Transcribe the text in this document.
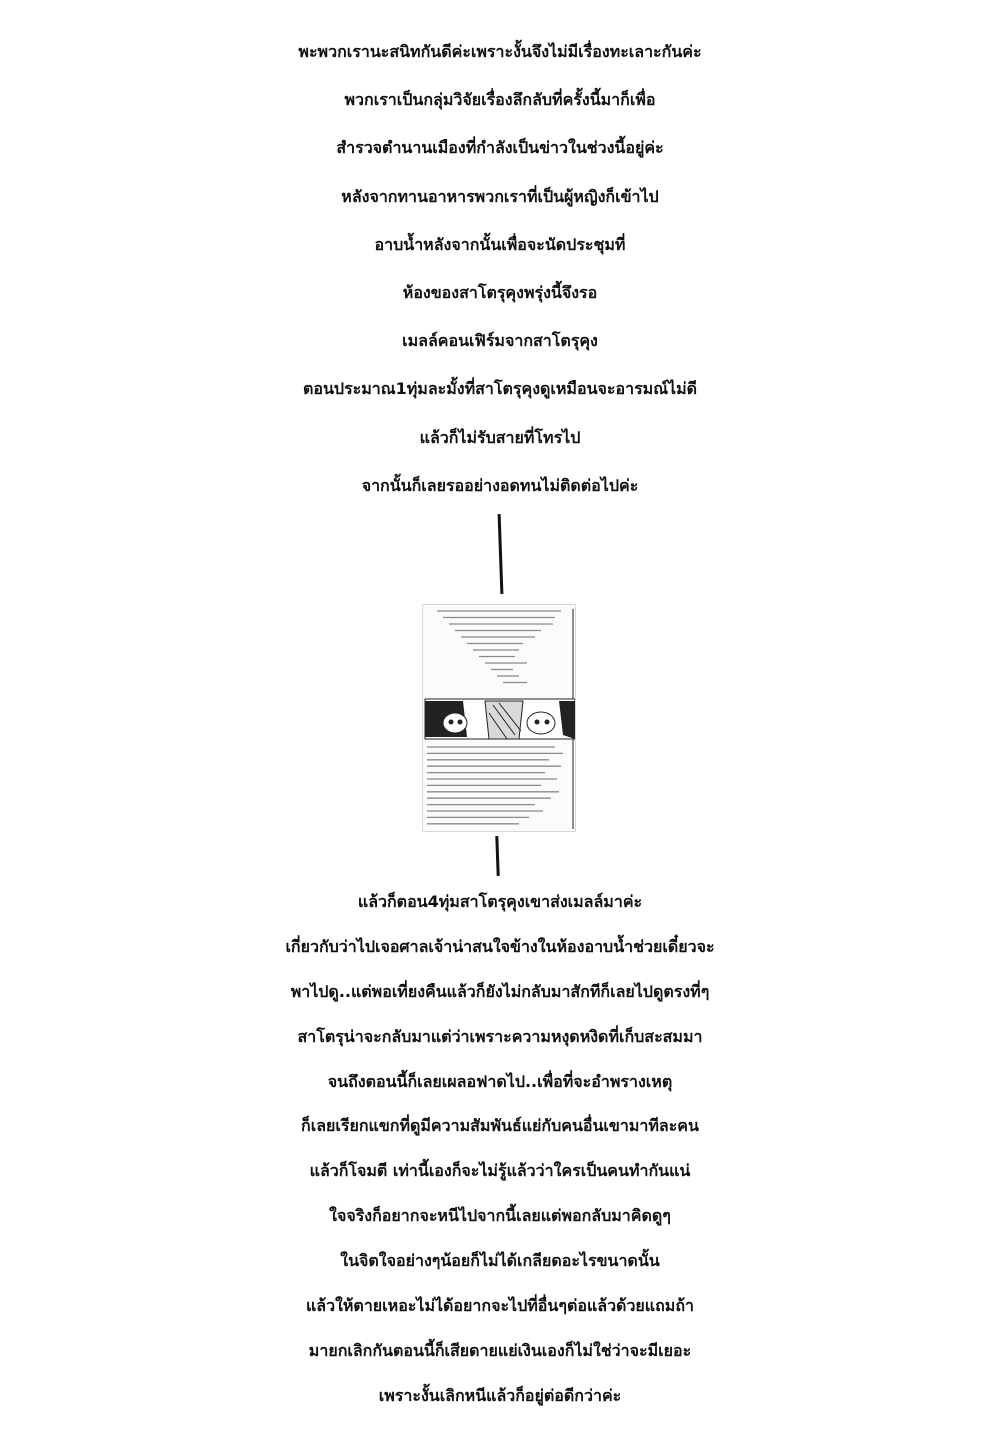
พะพวกเรานะสนิทกันดีค่ะเพราะงั้นจึงไม่มีเรื่องทะเลาะกันค่ะ
พวกเราเป็นกลุ่มวิจัยเรื่องลึกลับที่ครั้งนี้มาก็เพื่อ
สำรวจตำนานเมืองที่กำลังเป็นข่าวในช่วงนี้อยู่ค่ะ
หลังจากทานอาหารพวกเราที่เป็นผู้หญิงก็เข้าไป
อาบน้ำหลังจากนั้นเพื่อจะนัดประชุมที่
ห้องของสาโตรุคุงพรุ่งนี้จึงรอ
เมลล์คอนเฟิร์มจากสาโตรุคุง
ตอนประมาณ1ทุ่มละมั้งที่สาโตรุคุงดูเหมือนจะอารมณ์ไม่ดี
แล้วก็ไม่รับสายที่โทรไป
จากนั้นก็เลยรออย่างอดทนไม่ติดต่อไปค่ะ
แล้วก็ตอน4ทุ่มสาโตรุคุงเขาส่งเมลล์มาค่ะ
เกี่ยวกับว่าไปเจอศาลเจ้าน่าสนใจข้างในห้องอาบน้ำช่วยเดี๋ยวจะ
พาไปดู..แต่พอเที่ยงคืนแล้วก็ยังไม่กลับมาสักทีก็เลยไปดูตรงที่ๆ
สาโตรุน่าจะกลับมาแต่ว่าเพราะความหงุดหงิดที่เก็บสะสมมา
จนถึงตอนนี้ก็เลยเผลอฟาดไป..เพื่อที่จะอำพรางเหตุ
ก็เลยเรียกแขกที่ดูมีความสัมพันธ์แย่กับคนอื่นเขามาทีละคน
แล้วก็โจมตี เท่านี้เองก็จะไม่รู้แล้วว่าใครเป็นคนทำกันแน่
ใจจริงก็อยากจะหนีไปจากนี้เลยแต่พอกลับมาคิดดูๆ
ในจิตใจอย่างๆน้อยก็ไม่ได้เกลียดอะไรขนาดนั้น
แล้วให้ตายเหอะไม่ได้อยากจะไปที่อื่นๆต่อแล้วด้วยแถมถ้า
มายกเลิกกันตอนนี้ก็เสียดายแย่เงินเองก็ไม่ใช่ว่าจะมีเยอะ
เพราะงั้นเลิกหนีแล้วก็อยู่ต่อดีกว่าค่ะ
